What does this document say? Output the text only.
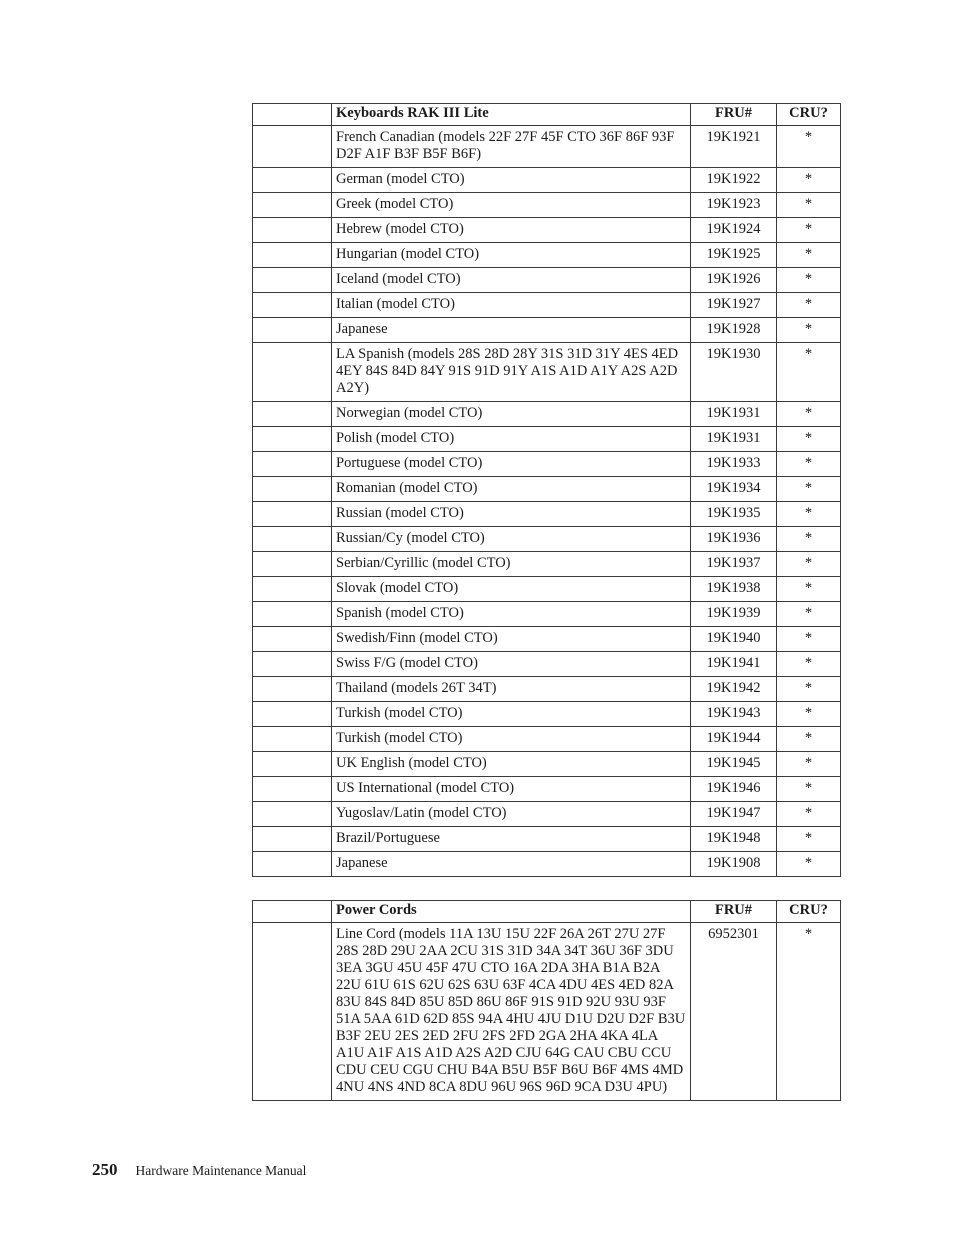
	Keyboards RAK III Lite	FRU#	CRU?
	French Canadian (models 22F 27F 45F CTO 36F 86F 93F D2F A1F B3F B5F B6F)	19K1921	*
	German (model CTO)	19K1922	*
	Greek (model CTO)	19K1923	*
	Hebrew (model CTO)	19K1924	*
	Hungarian (model CTO)	19K1925	*
	Iceland (model CTO)	19K1926	*
	Italian (model CTO)	19K1927	*
	Japanese	19K1928	*
	LA Spanish (models 28S 28D 28Y 31S 31D 31Y 4ES 4ED 4EY 84S 84D 84Y 91S 91D 91Y A1S A1D A1Y A2S A2D A2Y)	19K1930	*
	Norwegian (model CTO)	19K1931	*
	Polish (model CTO)	19K1931	*
	Portuguese (model CTO)	19K1933	*
	Romanian (model CTO)	19K1934	*
	Russian (model CTO)	19K1935	*
	Russian/Cy (model CTO)	19K1936	*
	Serbian/Cyrillic (model CTO)	19K1937	*
	Slovak (model CTO)	19K1938	*
	Spanish (model CTO)	19K1939	*
	Swedish/Finn (model CTO)	19K1940	*
	Swiss F/G (model CTO)	19K1941	*
	Thailand (models 26T 34T)	19K1942	*
	Turkish (model CTO)	19K1943	*
	Turkish (model CTO)	19K1944	*
	UK English (model CTO)	19K1945	*
	US International (model CTO)	19K1946	*
	Yugoslav/Latin (model CTO)	19K1947	*
	Brazil/Portuguese	19K1948	*
	Japanese	19K1908	*
	Power Cords	FRU#	CRU?
	Line Cord (models 11A 13U 15U 22F 26A 26T 27U 27F 28S 28D 29U 2AA 2CU 31S 31D 34A 34T 36U 36F 3DU 3EA 3GU 45U 45F 47U CTO 16A 2DA 3HA B1A B2A 22U 61U 61S 62U 62S 63U 63F 4CA 4DU 4ES 4ED 82A 83U 84S 84D 85U 85D 86U 86F 91S 91D 92U 93U 93F 51A 5AA 61D 62D 85S 94A 4HU 4JU D1U D2U D2F B3U B3F 2EU 2ES 2ED 2FU 2FS 2FD 2GA 2HA 4KA 4LA A1U A1F A1S A1D A2S A2D CJU 64G CAU CBU CCU CDU CEU CGU CHU B4A B5U B5F B6U B6F 4MS 4MD 4NU 4NS 4ND 8CA 8DU 96U 96S 96D 9CA D3U 4PU)	6952301	*
250 Hardware Maintenance Manual
